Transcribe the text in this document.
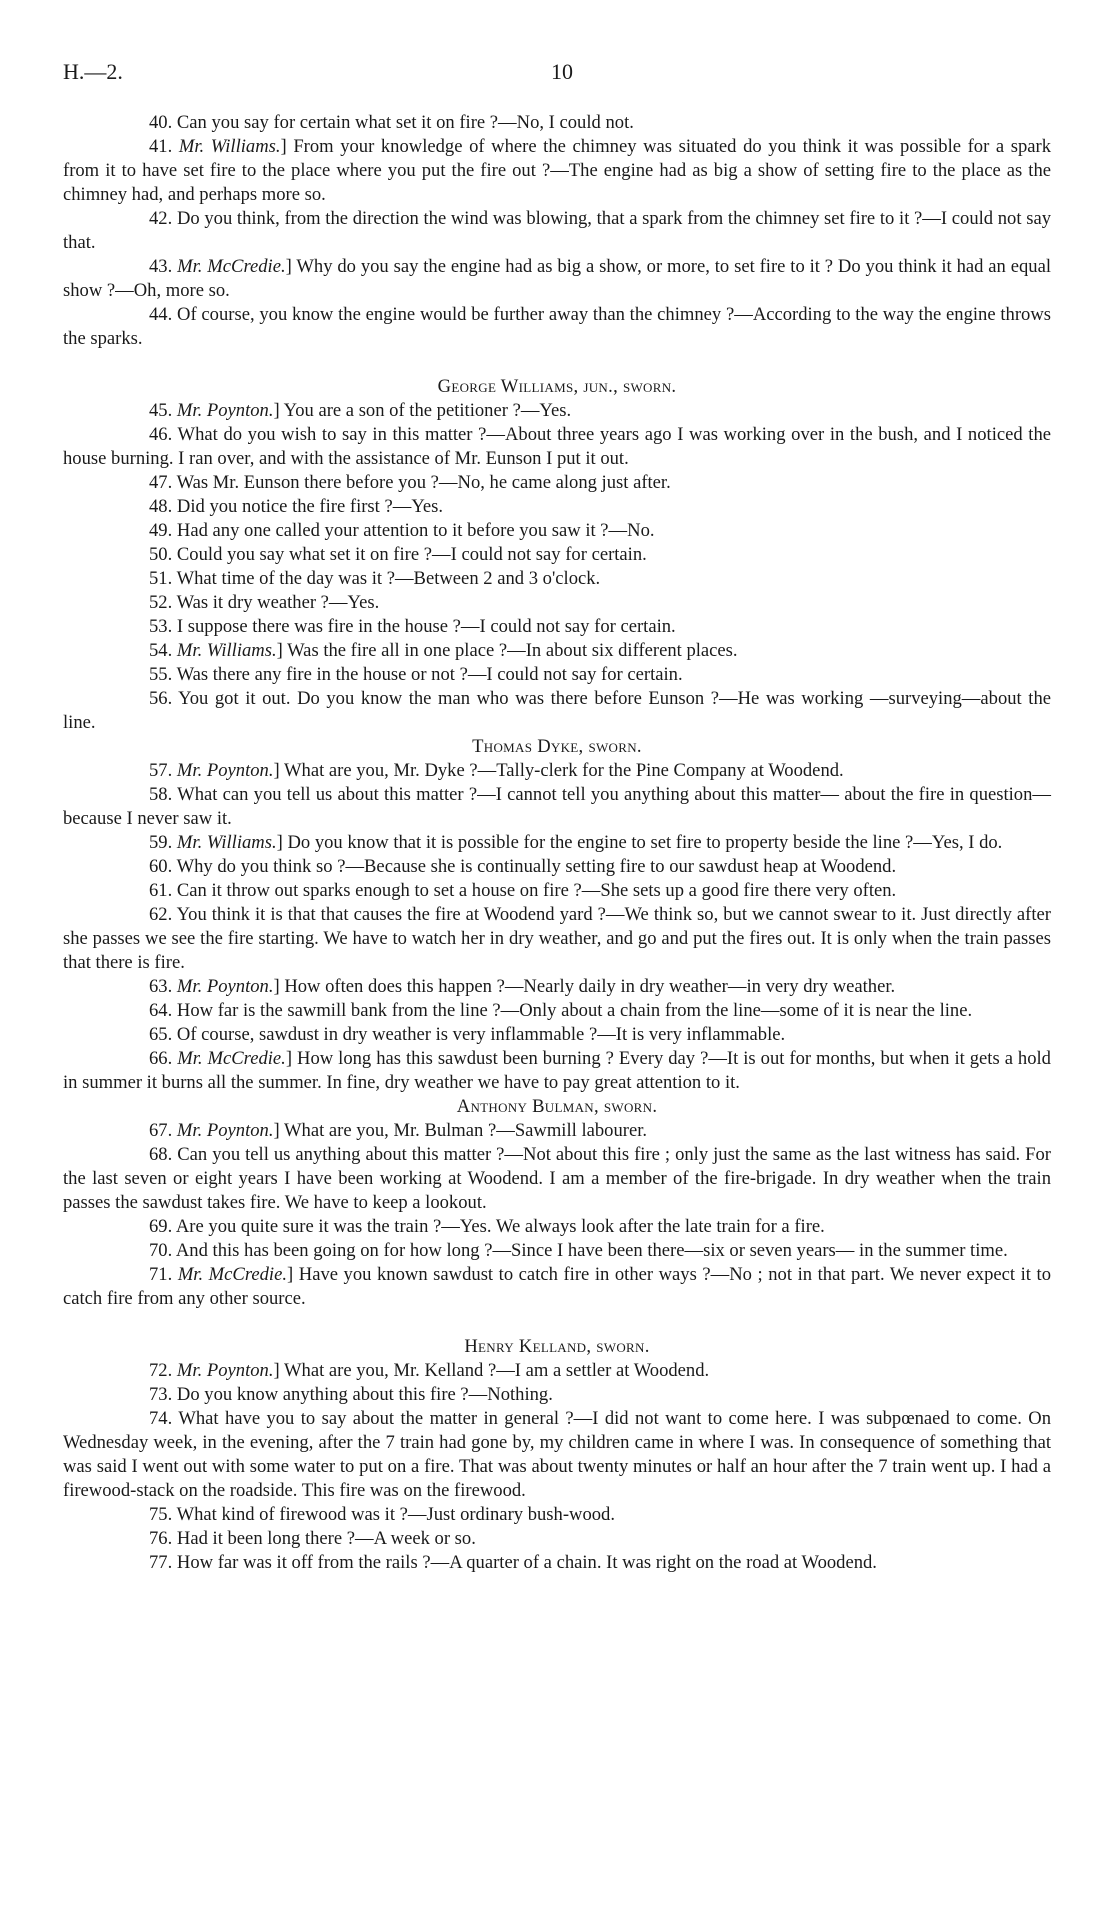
H.—2.	10

40. Can you say for certain what set it on fire ?—No, I could not.

41. Mr. Williams.] From your knowledge of where the chimney was situated do you think it was possible for a spark from it to have set fire to the place where you put the fire out ?—The engine had as big a show of setting fire to the place as the chimney had, and perhaps more so.

42. Do you think, from the direction the wind was blowing, that a spark from the chimney set fire to it ?—I could not say that.

43. Mr. McCredie.] Why do you say the engine had as big a show, or more, to set fire to it ? Do you think it had an equal show ?—Oh, more so.

44. Of course, you know the engine would be further away than the chimney ?—According to the way the engine throws the sparks.

George Williams, jun., sworn.

45. Mr. Poynton.] You are a son of the petitioner ?—Yes.

46. What do you wish to say in this matter ?—About three years ago I was working over in the bush, and I noticed the house burning. I ran over, and with the assistance of Mr. Eunson I put it out.

47. Was Mr. Eunson there before you ?—No, he came along just after.

48. Did you notice the fire first ?—Yes.

49. Had any one called your attention to it before you saw it ?—No.

50. Could you say what set it on fire ?—I could not say for certain.

51. What time of the day was it ?—Between 2 and 3 o'clock.

52. Was it dry weather ?—Yes.

53. I suppose there was fire in the house ?—I could not say for certain.

54. Mr. Williams.] Was the fire all in one place ?—In about six different places.

55. Was there any fire in the house or not ?—I could not say for certain.

56. You got it out. Do you know the man who was there before Eunson ?—He was working —surveying—about the line.

Thomas Dyke, sworn.

57. Mr. Poynton.] What are you, Mr. Dyke ?—Tally-clerk for the Pine Company at Woodend.

58. What can you tell us about this matter ?—I cannot tell you anything about this matter— about the fire in question—because I never saw it.

59. Mr. Williams.] Do you know that it is possible for the engine to set fire to property beside the line ?—Yes, I do.

60. Why do you think so ?—Because she is continually setting fire to our sawdust heap at Woodend.

61. Can it throw out sparks enough to set a house on fire ?—She sets up a good fire there very often.

62. You think it is that that causes the fire at Woodend yard ?—We think so, but we cannot swear to it. Just directly after she passes we see the fire starting. We have to watch her in dry weather, and go and put the fires out. It is only when the train passes that there is fire.

63. Mr. Poynton.] How often does this happen ?—Nearly daily in dry weather—in very dry weather.

64. How far is the sawmill bank from the line ?—Only about a chain from the line—some of it is near the line.

65. Of course, sawdust in dry weather is very inflammable ?—It is very inflammable.

66. Mr. McCredie.] How long has this sawdust been burning ? Every day ?—It is out for months, but when it gets a hold in summer it burns all the summer. In fine, dry weather we have to pay great attention to it.

Anthony Bulman, sworn.

67. Mr. Poynton.] What are you, Mr. Bulman ?—Sawmill labourer.

68. Can you tell us anything about this matter ?—Not about this fire ; only just the same as the last witness has said. For the last seven or eight years I have been working at Woodend. I am a member of the fire-brigade. In dry weather when the train passes the sawdust takes fire. We have to keep a lookout.

69. Are you quite sure it was the train ?—Yes. We always look after the late train for a fire.

70. And this has been going on for how long ?—Since I have been there—six or seven years— in the summer time.

71. Mr. McCredie.] Have you known sawdust to catch fire in other ways ?—No ; not in that part. We never expect it to catch fire from any other source.

Henry Kelland, sworn.

72. Mr. Poynton.] What are you, Mr. Kelland ?—I am a settler at Woodend.

73. Do you know anything about this fire ?—Nothing.

74. What have you to say about the matter in general ?—I did not want to come here. I was subpœnaed to come. On Wednesday week, in the evening, after the 7 train had gone by, my children came in where I was. In consequence of something that was said I went out with some water to put on a fire. That was about twenty minutes or half an hour after the 7 train went up. I had a firewood-stack on the roadside. This fire was on the firewood.

75. What kind of firewood was it ?—Just ordinary bush-wood.

76. Had it been long there ?—A week or so.

77. How far was it off from the rails ?—A quarter of a chain. It was right on the road at Woodend.
